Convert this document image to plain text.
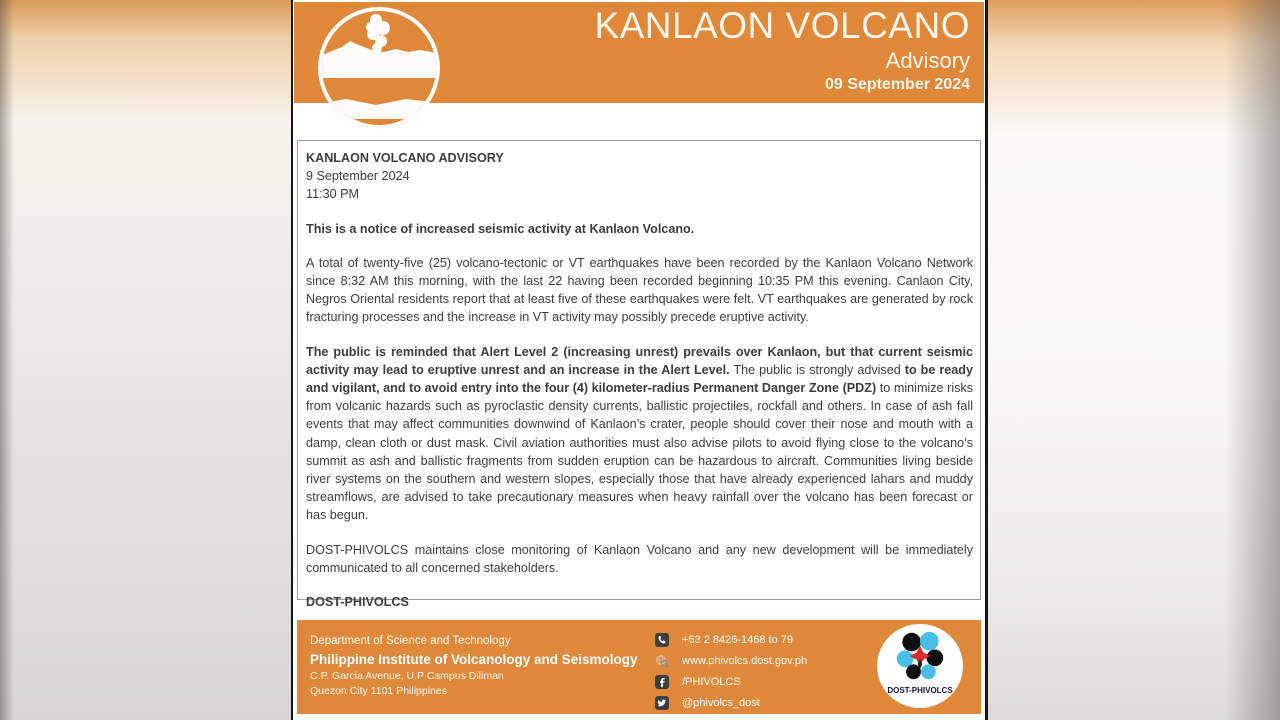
KANLAON VOLCANO
Advisory
09 September 2024
KANLAON VOLCANO ADVISORY
9 September 2024
11:30 PM

This is a notice of increased seismic activity at Kanlaon Volcano.

A total of twenty-five (25) volcano-tectonic or VT earthquakes have been recorded by the Kanlaon Volcano Network since 8:32 AM this morning, with the last 22 having been recorded beginning 10:35 PM this evening. Canlaon City, Negros Oriental residents report that at least five of these earthquakes were felt. VT earthquakes are generated by rock fracturing processes and the increase in VT activity may possibly precede eruptive activity.

The public is reminded that Alert Level 2 (increasing unrest) prevails over Kanlaon, but that current seismic activity may lead to eruptive unrest and an increase in the Alert Level. The public is strongly advised to be ready and vigilant, and to avoid entry into the four (4) kilometer-radius Permanent Danger Zone (PDZ) to minimize risks from volcanic hazards such as pyroclastic density currents, ballistic projectiles, rockfall and others. In case of ash fall events that may affect communities downwind of Kanlaon’s crater, people should cover their nose and mouth with a damp, clean cloth or dust mask. Civil aviation authorities must also advise pilots to avoid flying close to the volcano’s summit as ash and ballistic fragments from sudden eruption can be hazardous to aircraft. Communities living beside river systems on the southern and western slopes, especially those that have already experienced lahars and muddy streamflows, are advised to take precautionary measures when heavy rainfall over the volcano has been forecast or has begun.

DOST-PHIVOLCS maintains close monitoring of Kanlaon Volcano and any new development will be immediately communicated to all concerned stakeholders.

DOST-PHIVOLCS

Department of Science and Technology
Philippine Institute of Volcanology and Seismology
C.P. Garcia Avenue, U.P Campus Diliman
Quezon City 1101 Philippines
+63 2 8426-1468 to 79
www.phivolcs.dost.gov.ph
/PHIVOLCS
@phivolcs_dost
DOST-PHIVOLCS
